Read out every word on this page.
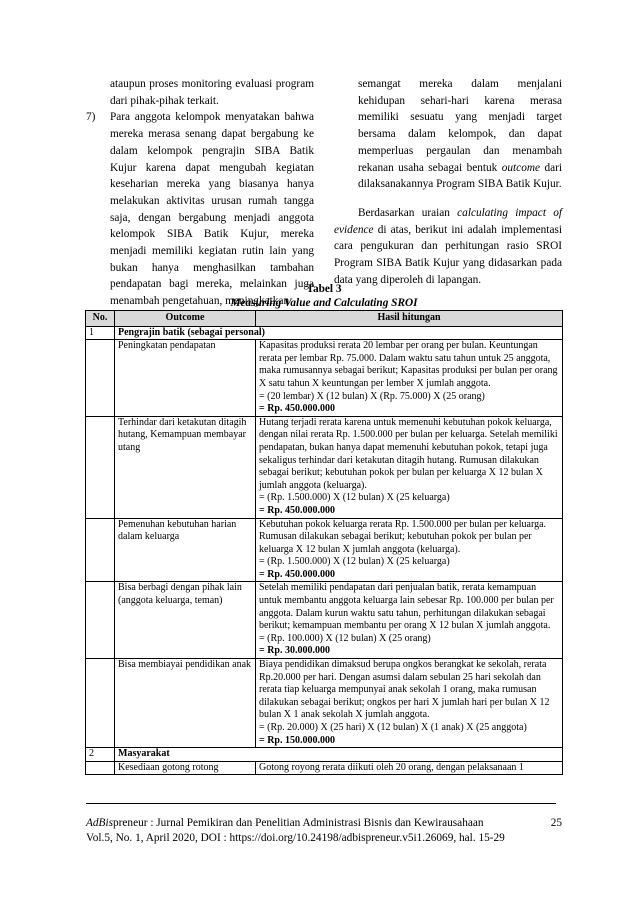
ataupun proses monitoring evaluasi program dari pihak-pihak terkait.
7)	Para anggota kelompok menyatakan bahwa mereka merasa senang dapat bergabung ke dalam kelompok pengrajin SIBA Batik Kujur karena dapat mengubah kegiatan keseharian mereka yang biasanya hanya melakukan aktivitas urusan rumah tangga saja, dengan bergabung menjadi anggota kelompok SIBA Batik Kujur, mereka menjadi memiliki kegiatan rutin lain yang bukan hanya menghasilkan tambahan pendapatan bagi mereka, melainkan juga menambah pengetahuan, meningkatkan
semangat mereka dalam menjalani kehidupan sehari-hari karena merasa memiliki sesuatu yang menjadi target bersama dalam kelompok, dan dapat memperluas pergaulan dan menambah rekanan usaha sebagai bentuk outcome dari dilaksanakannya Program SIBA Batik Kujur.
Berdasarkan uraian calculating impact of evidence di atas, berikut ini adalah implementasi cara pengukuran dan perhitungan rasio SROI Program SIBA Batik Kujur yang didasarkan pada data yang diperoleh di lapangan.
Tabel 3
Measuring Value and Calculating SROI
No.	Outcome	Hasil hitungan
1	Pengrajin batik (sebagai personal)	
	Peningkatan pendapatan	Kapasitas produksi rerata 20 lembar per orang per bulan. Keuntungan rerata per lembar Rp. 75.000. Dalam waktu satu tahun untuk 25 anggota, maka rumusannya sebagai berikut; Kapasitas produksi per bulan per orang X satu tahun X keuntungan per lember X jumlah anggota.
= (20 lembar) X (12 bulan) X (Rp. 75.000) X (25 orang)
= Rp. 450.000.000

	Terhindar dari ketakutan ditagih hutang, Kemampuan membayar utang	Hutang terjadi rerata karena untuk memenuhi kebutuhan pokok keluarga, dengan nilai rerata Rp. 1.500.000 per bulan per keluarga. Setelah memiliki pendapatan, bukan hanya dapat memenuhi kebutuhan pokok, tetapi juga sekaligus terhindar dari ketakutan ditagih hutang. Rumusan dilakukan sebagai berikut; kebutuhan pokok per bulan per keluarga X 12 bulan X jumlah anggota (keluarga).
= (Rp. 1.500.000) X (12 bulan) X (25 keluarga)
= Rp. 450.000.000

	Pemenuhan kebutuhan harian dalam keluarga	Kebutuhan pokok keluarga rerata Rp. 1.500.000 per bulan per keluarga. Rumusan dilakukan sebagai berikut; kebutuhan pokok per bulan per keluarga X 12 bulan X jumlah anggota (keluarga).
= (Rp. 1.500.000) X (12 bulan) X (25 keluarga)
= Rp. 450.000.000

	Bisa berbagi dengan pihak lain (anggota keluarga, teman)	Setelah memiliki pendapatan dari penjualan batik, rerata kemampuan untuk membantu anggota keluarga lain sebesar Rp. 100.000 per bulan per anggota. Dalam kurun waktu satu tahun, perhitungan dilakukan sebagai berikut; kemampuan membantu per orang X 12 bulan X jumlah anggota.
= (Rp. 100.000) X (12 bulan) X (25 orang)
= Rp. 30.000.000

	Bisa membiayai pendidikan anak	Biaya pendidikan dimaksud berupa ongkos berangkat ke sekolah, rerata Rp.20.000 per hari. Dengan asumsi dalam sebulan 25 hari sekolah dan rerata tiap keluarga mempunyai anak sekolah 1 orang, maka rumusan dilakukan sebagai berikut; ongkos per hari X jumlah hari per bulan X 12 bulan X 1 anak sekolah X jumlah anggota.
= (Rp. 20.000) X (25 hari) X (12 bulan) X (1 anak) X (25 anggota)
= Rp. 150.000.000

2	Masyarakat	
	Kesediaan gotong rotong	Gotong royong rerata diikuti oleh 20 orang, dengan pelaksanaan 1
AdBispreneur : Jurnal Pemikiran dan Penelitian Administrasi Bisnis dan Kewirausahaan
Vol.5, No. 1, April 2020, DOI : https://doi.org/10.24198/adbispreneur.v5i1.26069, hal. 15-29
25
